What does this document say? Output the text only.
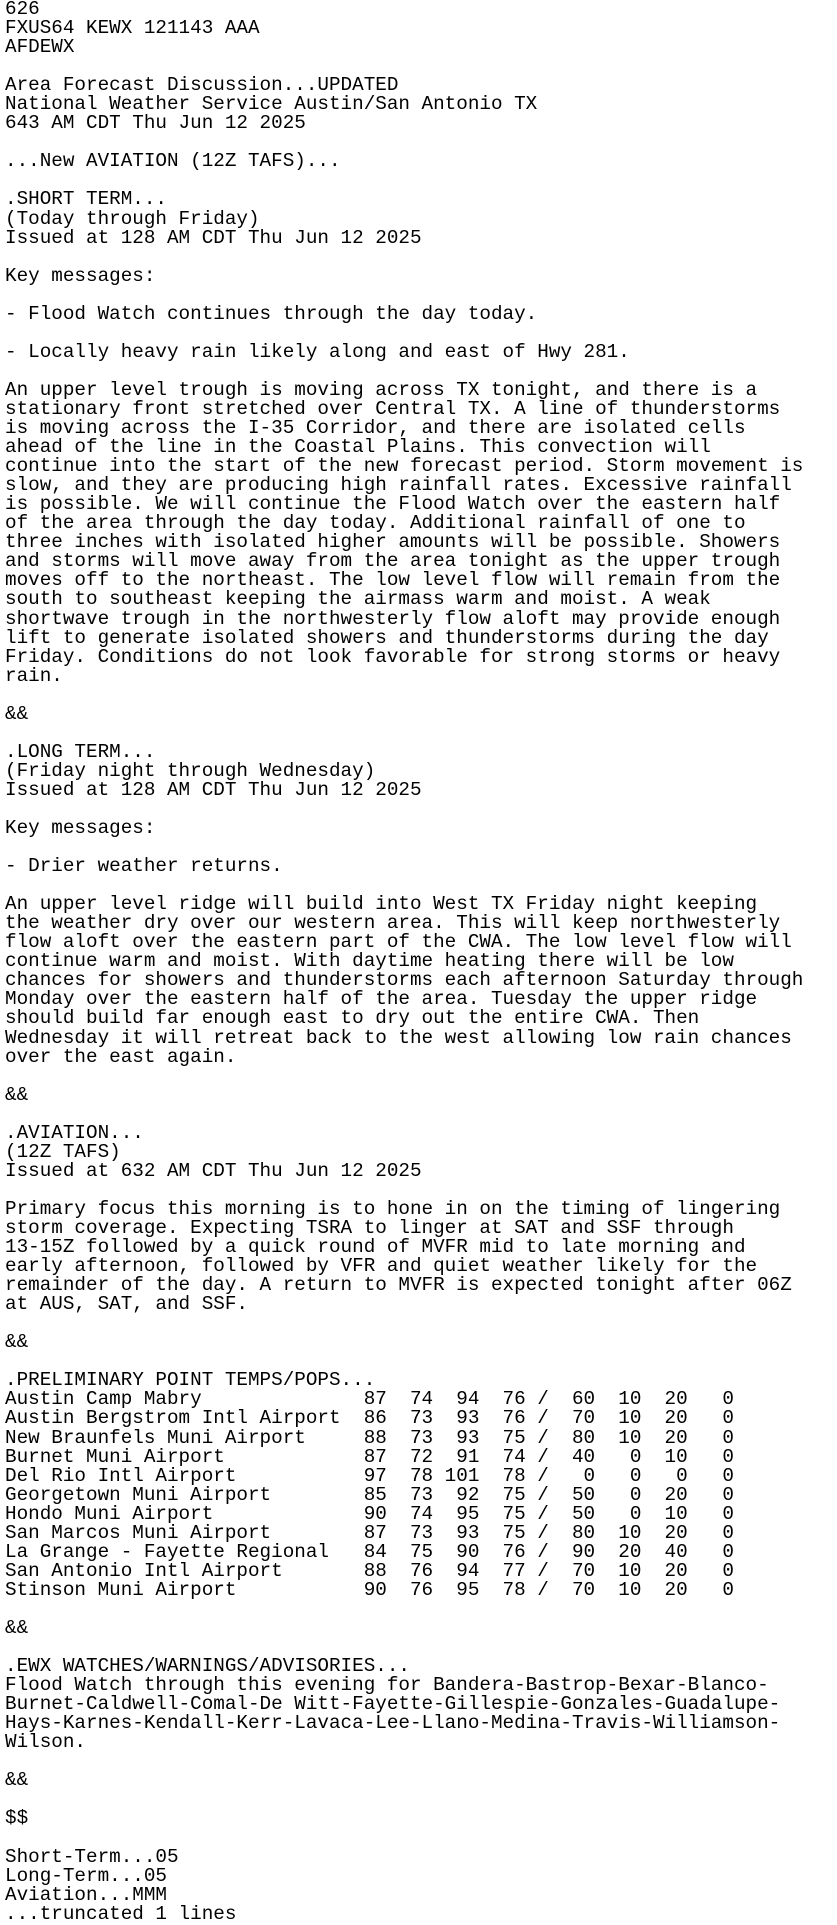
626
FXUS64 KEWX 121143 AAA
AFDEWX
Area Forecast Discussion...UPDATED
National Weather Service Austin/San Antonio TX
643 AM CDT Thu Jun 12 2025
...New AVIATION (12Z TAFS)...
.SHORT TERM...
(Today through Friday)
Issued at 128 AM CDT Thu Jun 12 2025
Key messages:
- Flood Watch continues through the day today.
- Locally heavy rain likely along and east of Hwy 281.
An upper level trough is moving across TX tonight, and there is a
stationary front stretched over Central TX. A line of thunderstorms
is moving across the I-35 Corridor, and there are isolated cells
ahead of the line in the Coastal Plains. This convection will
continue into the start of the new forecast period. Storm movement is
slow, and they are producing high rainfall rates. Excessive rainfall
is possible. We will continue the Flood Watch over the eastern half
of the area through the day today. Additional rainfall of one to
three inches with isolated higher amounts will be possible. Showers
and storms will move away from the area tonight as the upper trough
moves off to the northeast. The low level flow will remain from the
south to southeast keeping the airmass warm and moist. A weak
shortwave trough in the northwesterly flow aloft may provide enough
lift to generate isolated showers and thunderstorms during the day
Friday. Conditions do not look favorable for strong storms or heavy
rain.
&&
.LONG TERM...
(Friday night through Wednesday)
Issued at 128 AM CDT Thu Jun 12 2025
Key messages:
- Drier weather returns.
An upper level ridge will build into West TX Friday night keeping
the weather dry over our western area. This will keep northwesterly
flow aloft over the eastern part of the CWA. The low level flow will
continue warm and moist. With daytime heating there will be low
chances for showers and thunderstorms each afternoon Saturday through
Monday over the eastern half of the area. Tuesday the upper ridge
should build far enough east to dry out the entire CWA. Then
Wednesday it will retreat back to the west allowing low rain chances
over the east again.
&&
.AVIATION...
(12Z TAFS)
Issued at 632 AM CDT Thu Jun 12 2025
Primary focus this morning is to hone in on the timing of lingering
storm coverage. Expecting TSRA to linger at SAT and SSF through
13-15Z followed by a quick round of MVFR mid to late morning and
early afternoon, followed by VFR and quiet weather likely for the
remainder of the day. A return to MVFR is expected tonight after 06Z
at AUS, SAT, and SSF.
&&
.PRELIMINARY POINT TEMPS/POPS...
Austin Camp Mabry              87  74  94  76 /  60  10  20   0
Austin Bergstrom Intl Airport  86  73  93  76 /  70  10  20   0
New Braunfels Muni Airport     88  73  93  75 /  80  10  20   0
Burnet Muni Airport            87  72  91  74 /  40   0  10   0
Del Rio Intl Airport           97  78 101  78 /   0   0   0   0
Georgetown Muni Airport        85  73  92  75 /  50   0  20   0
Hondo Muni Airport             90  74  95  75 /  50   0  10   0
San Marcos Muni Airport        87  73  93  75 /  80  10  20   0
La Grange - Fayette Regional   84  75  90  76 /  90  20  40   0
San Antonio Intl Airport       88  76  94  77 /  70  10  20   0
Stinson Muni Airport           90  76  95  78 /  70  10  20   0
&&
.EWX WATCHES/WARNINGS/ADVISORIES...
Flood Watch through this evening for Bandera-Bastrop-Bexar-Blanco-
Burnet-Caldwell-Comal-De Witt-Fayette-Gillespie-Gonzales-Guadalupe-
Hays-Karnes-Kendall-Kerr-Lavaca-Lee-Llano-Medina-Travis-Williamson-
Wilson.
&&
$$
Short-Term...05
Long-Term...05
Aviation...MMM
...truncated 1 lines
